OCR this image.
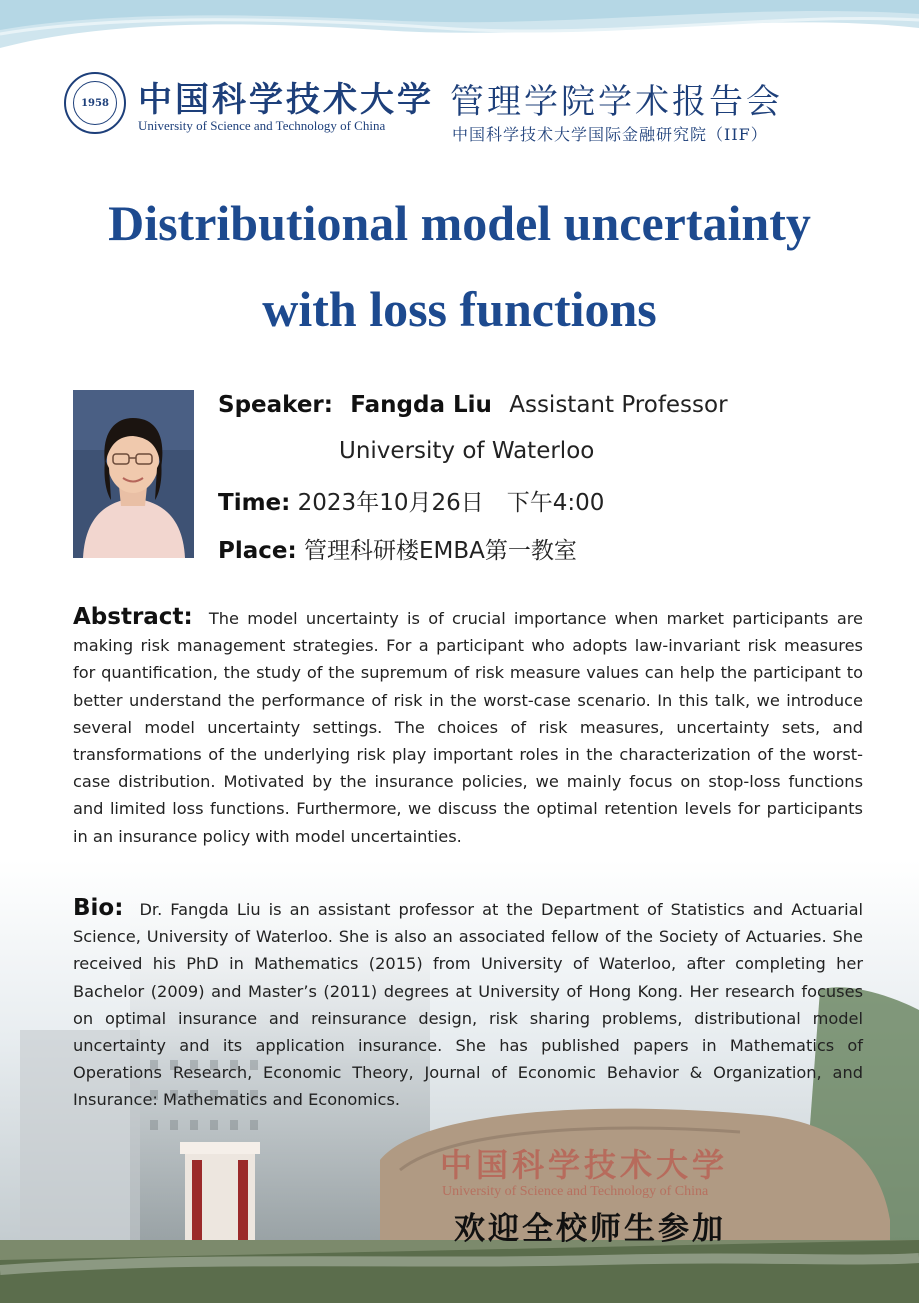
1958 中国科学技术大学
University of Science and Technology of China
管理学院学术报告会
中国科学技术大学国际金融研究院（IIF）
Distributional model uncertainty
with loss functions
Speaker: Fangda Liu Assistant Professor
University of Waterloo
Time: 2023年10月26日　下午4:00
Place: 管理科研楼EMBA第一教室
Abstract: The model uncertainty is of crucial importance when market participants are making risk management strategies. For a participant who adopts law-invariant risk measures for quantification, the study of the supremum of risk measure values can help the participant to better understand the performance of risk in the worst-case scenario. In this talk, we introduce several model uncertainty settings. The choices of risk measures, uncertainty sets, and transformations of the underlying risk play important roles in the characterization of the worst-case distribution. Motivated by the insurance policies, we mainly focus on stop-loss functions and limited loss functions. Furthermore, we discuss the optimal retention levels for participants in an insurance policy with model uncertainties.
Bio: Dr. Fangda Liu is an assistant professor at the Department of Statistics and Actuarial Science, University of Waterloo. She is also an associated fellow of the Society of Actuaries. She received his PhD in Mathematics (2015) from University of Waterloo, after completing her Bachelor (2009) and Master’s (2011) degrees at University of Hong Kong. Her research focuses on optimal insurance and reinsurance design, risk sharing problems, distributional model uncertainty and its application insurance. She has published papers in Mathematics of Operations Research, Economic Theory, Journal of Economic Behavior & Organization, and Insurance: Mathematics and Economics.
中国科学技术大学
University of Science and Technology of China
欢迎全校师生参加
